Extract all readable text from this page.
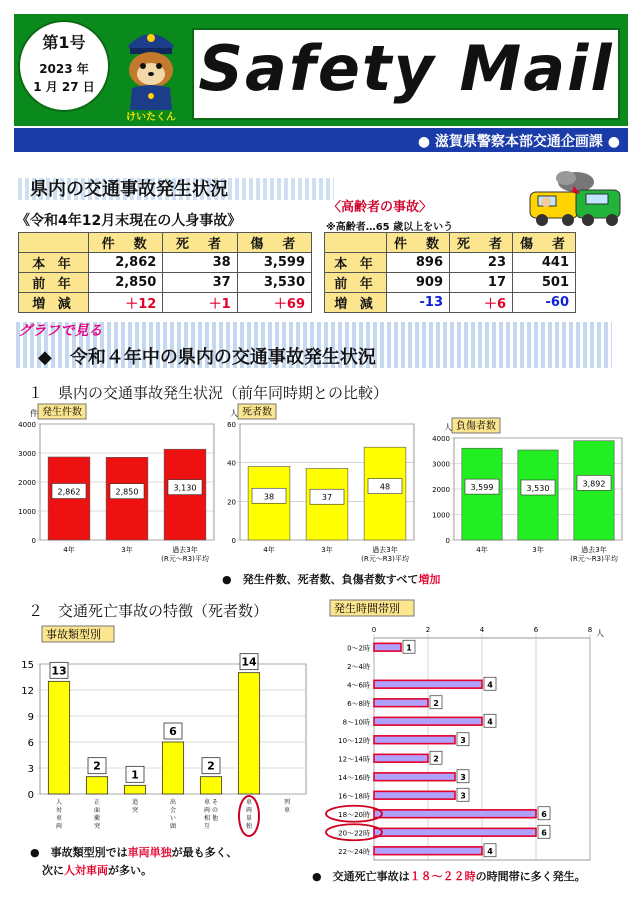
第1号
2023 年
1 月 27 日
けいたくん
Safety Mail
● 滋賀県警察本部交通企画課 ●
県内の交通事故発生状況
《令和4年12月末現在の人身事故》
〈高齢者の事故〉
※高齢者…65 歳以上をいう
	件　数	死　者	傷　者
本 年	2,862	38	3,599
前 年	2,850	37	3,530
増 減	＋12	＋1	＋69
	件　数	死　者	傷　者
本 年	896	23	441
前 年	909	17	501
増 減	-13	＋6	-60
グラフで見る
◆　令和４年中の県内の交通事故発生状況
１　県内の交通事故発生状況（前年同時期との比較）
0
1000
2000
3000
4000
件 発生件数
2,862
4年
2,850
3年
3,130
過去3年
(R元～R3)平均
0
20
40
60
人 死者数
38
4年
37
3年
48
過去3年
(R元～R3)平均
0
1000
2000
3000
4000
人 負傷者数
3,599
4年
3,530
3年
3,892
過去3年
(R元～R3)平均
0
3
6
9
12
15
事故類型別
13
人
対
車
両
2
正
面
衝
突
1
追
突
6
出
会
い
頭
2
そ
の
他
車
両
相
互
14
車
両
単
独
列
車
発生時間帯別
0	2	4	6	8 人
0～2時	1
2～4時
4～6時	4
6～8時	2
8～10時	4
10～12時	3
12～14時	2
14～16時	3
16～18時	3
18～20時	6
20～22時	6
22～24時	4
●　発生件数、死者数、負傷者数すべて増加
２　交通死亡事故の特徴（死者数）
●　事故類型別では車両単独が最も多く、
次に人対車両が多い。	●　交通死亡事故は１８～２２時の時間帯に多く発生。
